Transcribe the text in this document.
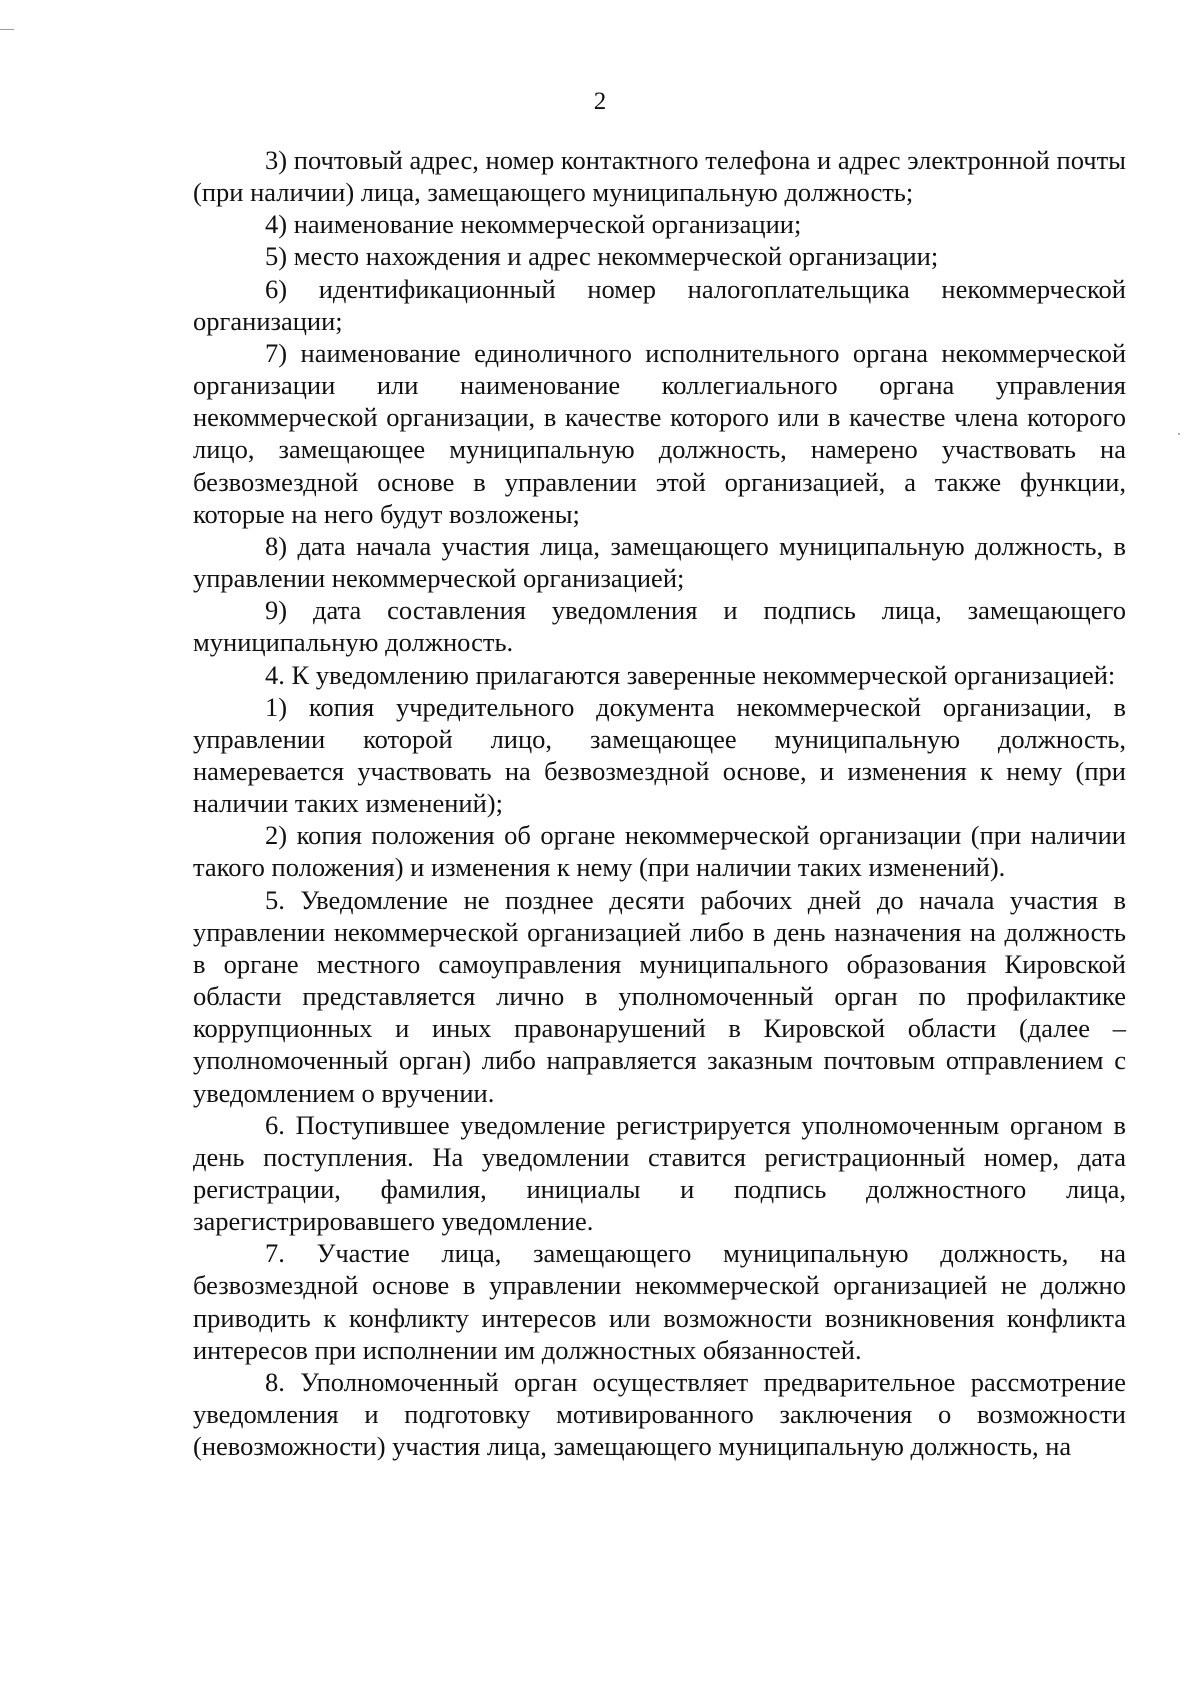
2

3) почтовый адрес, номер контактного телефона и адрес электронной почты (при наличии) лица, замещающего муниципальную должность;

4) наименование некоммерческой организации;

5) место нахождения и адрес некоммерческой организации;

6) идентификационный номер налогоплательщика некоммерческой организации;

7) наименование единоличного исполнительного органа некоммерческой организации или наименование коллегиального органа управления некоммерческой организации, в качестве которого или в качестве члена которого лицо, замещающее муниципальную должность, намерено участвовать на безвозмездной основе в управлении этой организацией, а также функции, которые на него будут возложены;

8) дата начала участия лица, замещающего муниципальную должность, в управлении некоммерческой организацией;

9) дата составления уведомления и подпись лица, замещающего муниципальную должность.

4. К уведомлению прилагаются заверенные некоммерческой организацией:

1) копия учредительного документа некоммерческой организации, в управлении которой лицо, замещающее муниципальную должность, намеревается участвовать на безвозмездной основе, и изменения к нему (при наличии таких изменений);

2) копия положения об органе некоммерческой организации (при наличии такого положения) и изменения к нему (при наличии таких изменений).

5. Уведомление не позднее десяти рабочих дней до начала участия в управлении некоммерческой организацией либо в день назначения на должность в органе местного самоуправления муниципального образования Кировской области представляется лично в уполномоченный орган по профилактике коррупционных и иных правонарушений в Кировской области (далее – уполномоченный орган) либо направляется заказным почтовым отправлением с уведомлением о вручении.

6. Поступившее уведомление регистрируется уполномоченным органом в день поступления. На уведомлении ставится регистрационный номер, дата регистрации, фамилия, инициалы и подпись должностного лица, зарегистрировавшего уведомление.

7. Участие лица, замещающего муниципальную должность, на безвозмездной основе в управлении некоммерческой организацией не должно приводить к конфликту интересов или возможности возникновения конфликта интересов при исполнении им должностных обязанностей.

8. Уполномоченный орган осуществляет предварительное рассмотрение уведомления и подготовку мотивированного заключения о возможности (невозможности) участия лица, замещающего муниципальную должность, на
